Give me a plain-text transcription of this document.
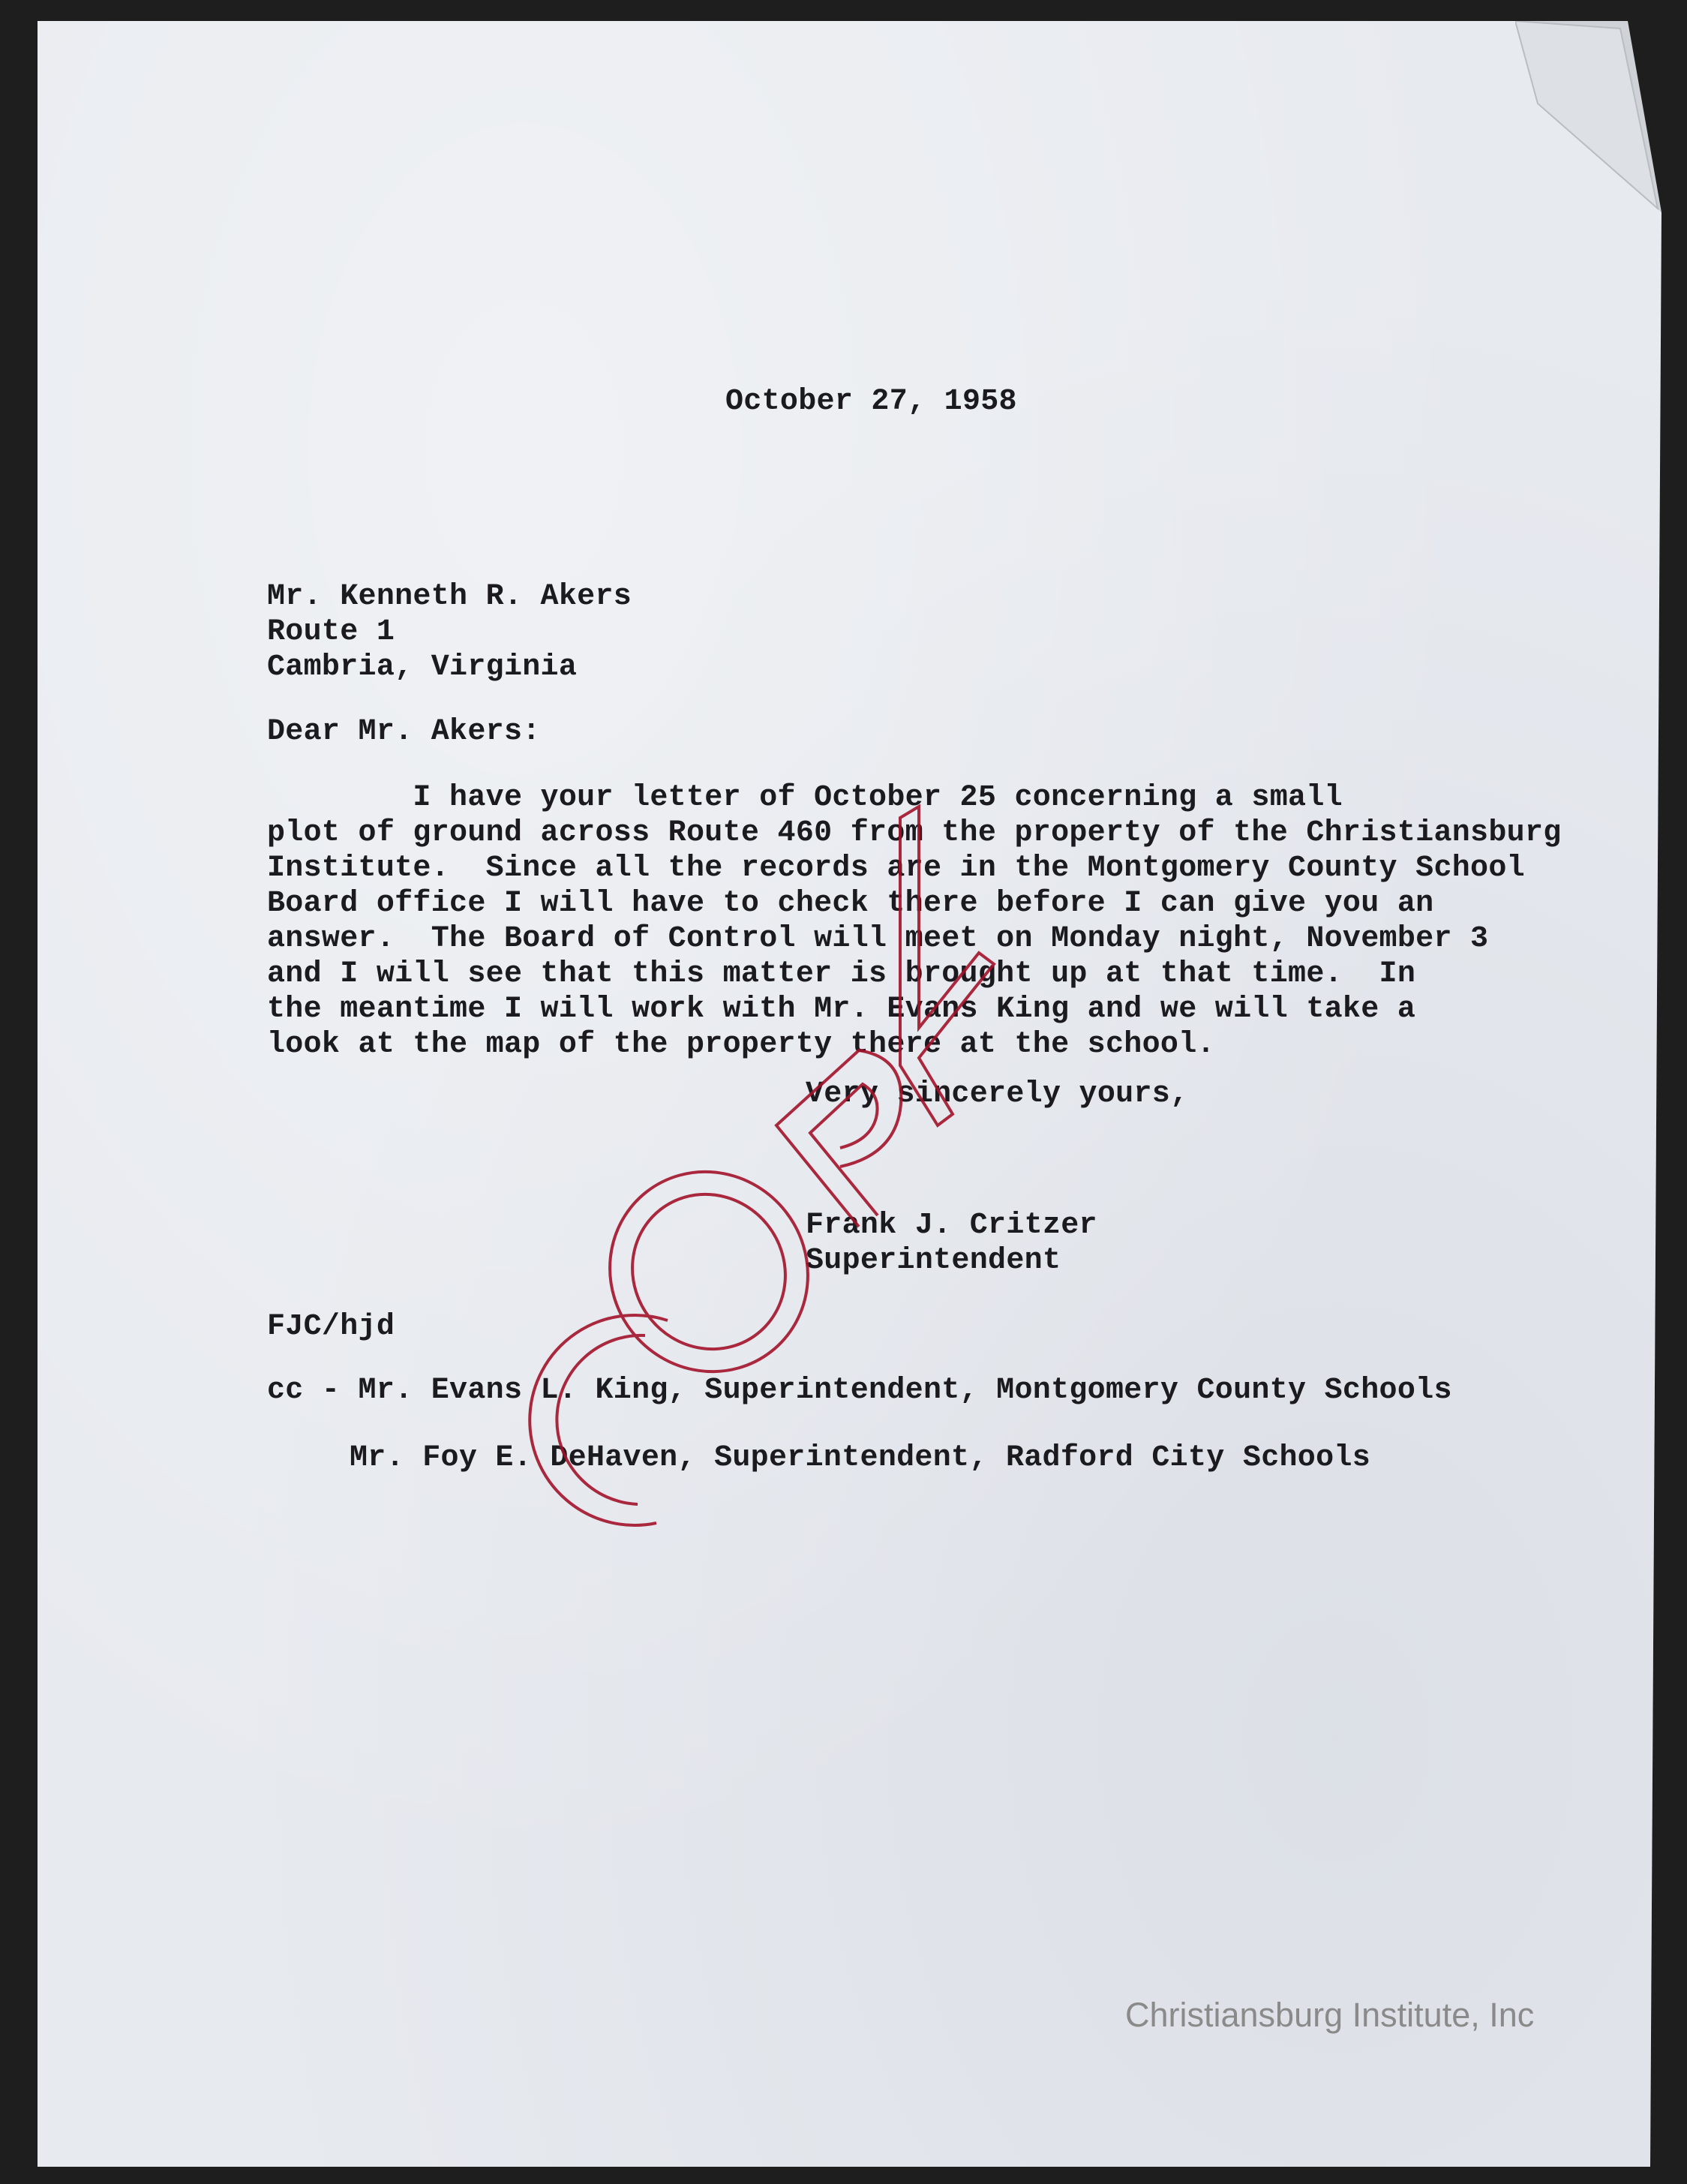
October 27, 1958
Mr. Kenneth R. Akers
Route 1
Cambria, Virginia
Dear Mr. Akers:
I have your letter of October 25 concerning a small
plot of ground across Route 460 from the property of the Christiansburg
Institute.  Since all the records are in the Montgomery County School
Board office I will have to check there before I can give you an
answer.  The Board of Control will meet on Monday night, November 3
and I will see that this matter is brought up at that time.  In
the meantime I will work with Mr. Evans King and we will take a
look at the map of the property there at the school.
Very sincerely yours,
Frank J. Critzer
Superintendent
FJC/hjd
cc - Mr. Evans L. King, Superintendent, Montgomery County Schools
Mr. Foy E. DeHaven, Superintendent, Radford City Schools
Christiansburg Institute, Inc
